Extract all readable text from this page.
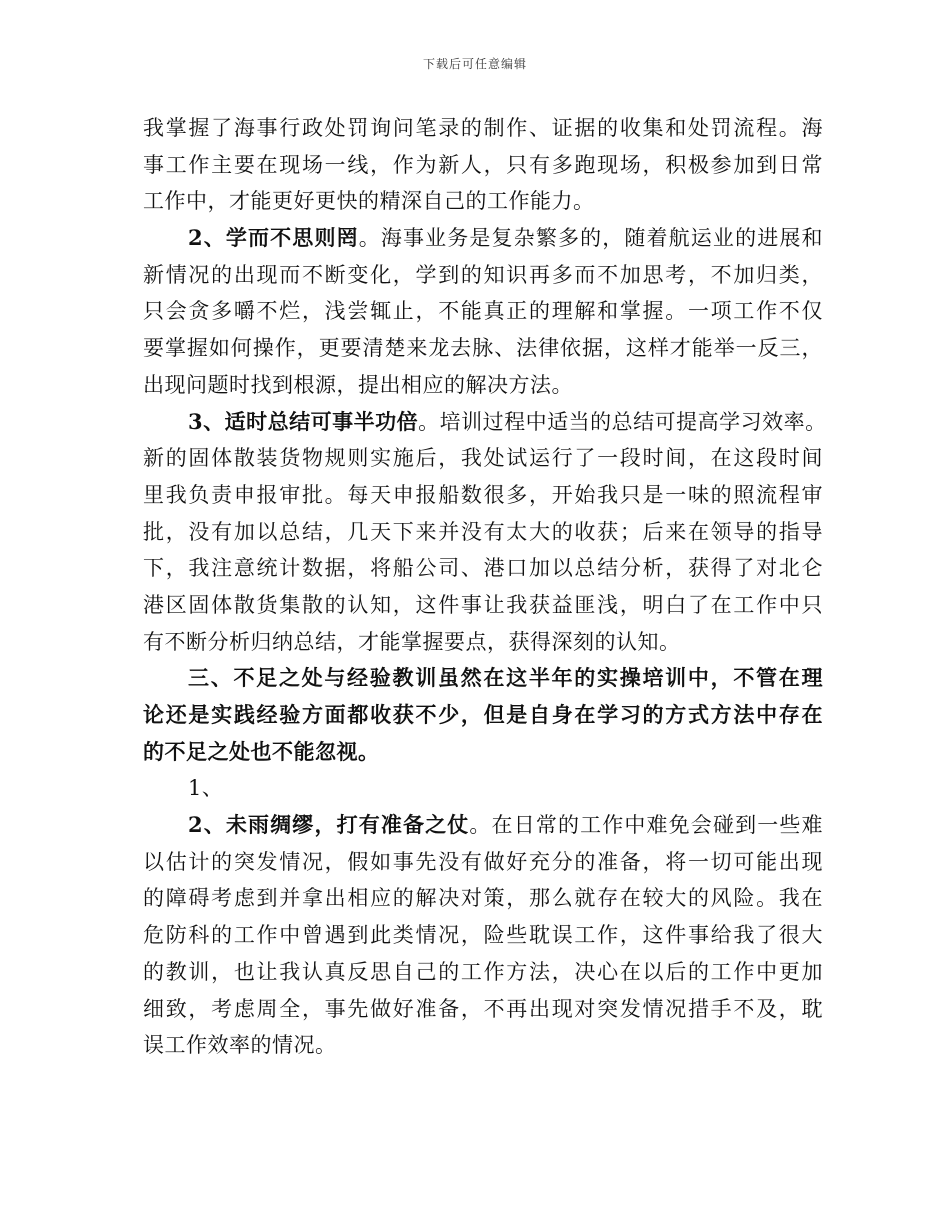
下载后可任意编辑
我掌握了海事行政处罚询问笔录的制作、证据的收集和处罚流程。海
事工作主要在现场一线，作为新人，只有多跑现场，积极参加到日常
工作中，才能更好更快的精深自己的工作能力。
2、学而不思则罔。海事业务是复杂繁多的，随着航运业的进展和
新情况的出现而不断变化，学到的知识再多而不加思考，不加归类，
只会贪多嚼不烂，浅尝辄止，不能真正的理解和掌握。一项工作不仅
要掌握如何操作，更要清楚来龙去脉、法律依据，这样才能举一反三，
出现问题时找到根源，提出相应的解决方法。
3、适时总结可事半功倍。培训过程中适当的总结可提高学习效率。
新的固体散装货物规则实施后，我处试运行了一段时间，在这段时间
里我负责申报审批。每天申报船数很多，开始我只是一味的照流程审
批，没有加以总结，几天下来并没有太大的收获；后来在领导的指导
下，我注意统计数据，将船公司、港口加以总结分析，获得了对北仑
港区固体散货集散的认知，这件事让我获益匪浅，明白了在工作中只
有不断分析归纳总结，才能掌握要点，获得深刻的认知。
三、不足之处与经验教训虽然在这半年的实操培训中，不管在理
论还是实践经验方面都收获不少，但是自身在学习的方式方法中存在
的不足之处也不能忽视。
1、
2、未雨绸缪，打有准备之仗。在日常的工作中难免会碰到一些难
以估计的突发情况，假如事先没有做好充分的准备，将一切可能出现
的障碍考虑到并拿出相应的解决对策，那么就存在较大的风险。我在
危防科的工作中曾遇到此类情况，险些耽误工作，这件事给我了很大
的教训，也让我认真反思自己的工作方法，决心在以后的工作中更加
细致，考虑周全，事先做好准备，不再出现对突发情况措手不及，耽
误工作效率的情况。
